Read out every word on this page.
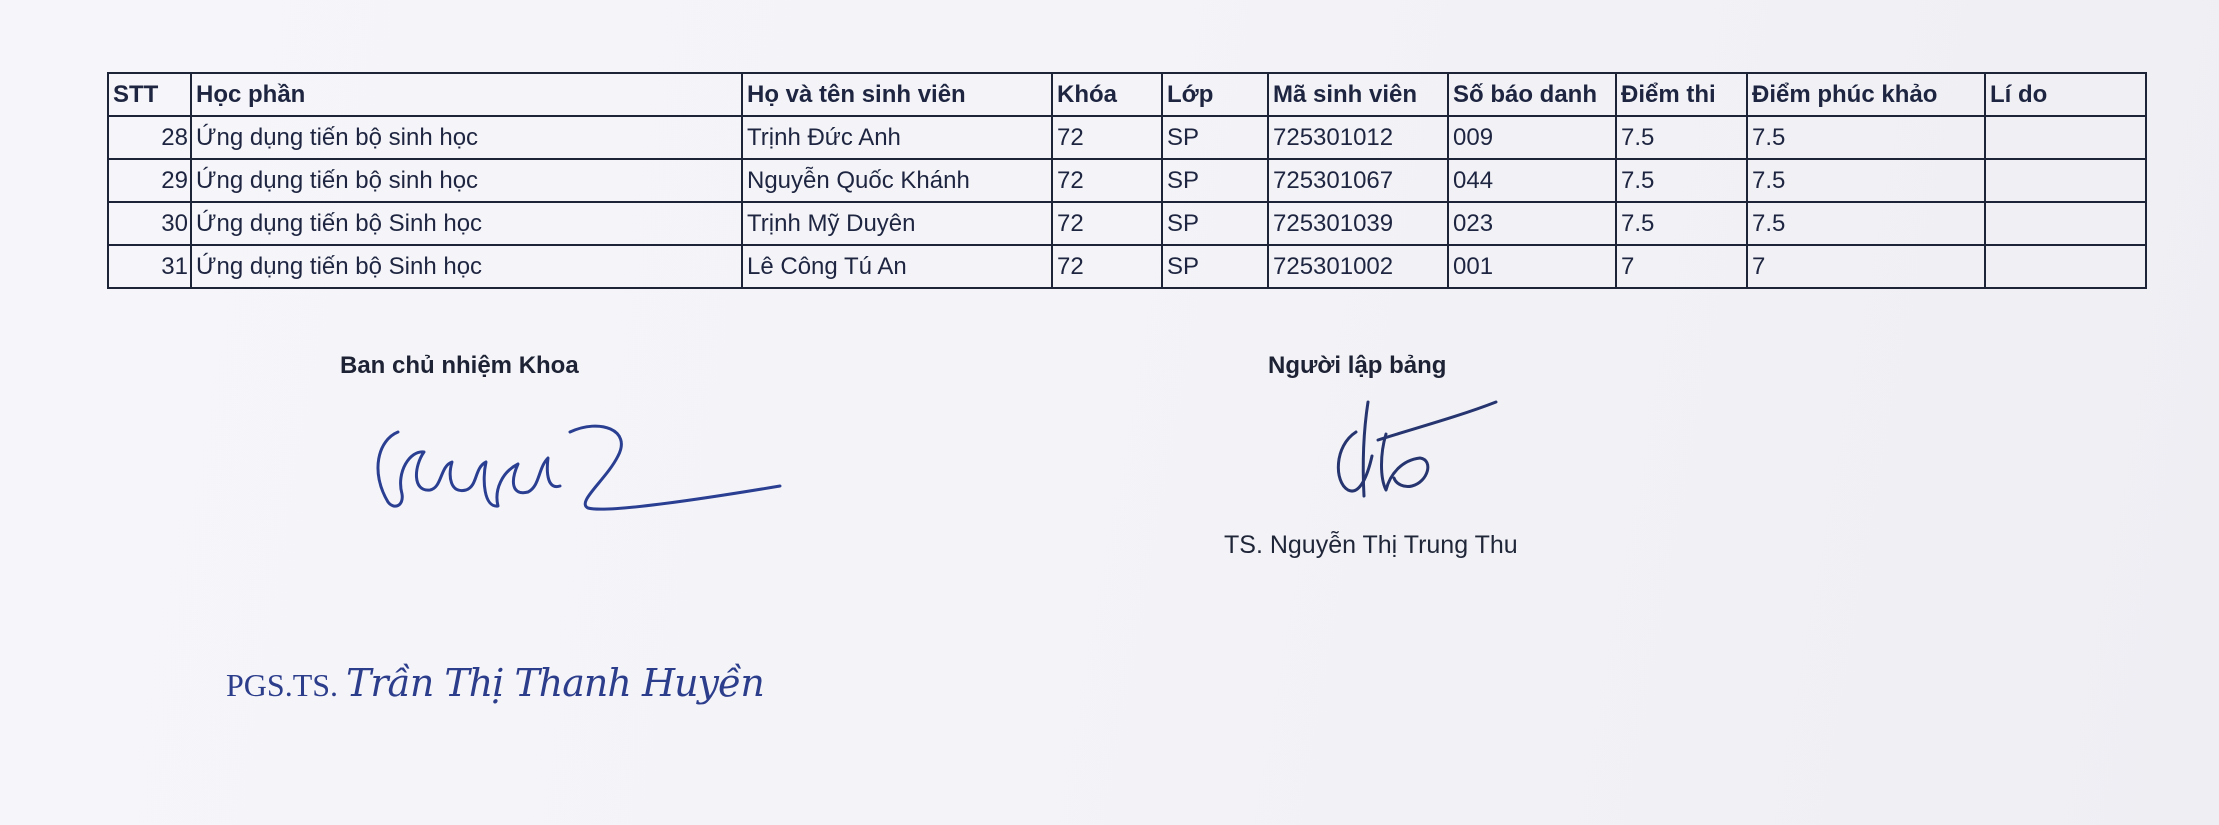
STT	Học phần	Họ và tên sinh viên	Khóa	Lớp	Mã sinh viên	Số báo danh	Điểm thi	Điểm phúc khảo	Lí do
28	Ứng dụng tiến bộ sinh học	Trịnh Đức Anh	72	SP	725301012	009	7.5	7.5	
29	Ứng dụng tiến bộ sinh học	Nguyễn Quốc Khánh	72	SP	725301067	044	7.5	7.5	
30	Ứng dụng tiến bộ Sinh học	Trịnh Mỹ Duyên	72	SP	725301039	023	7.5	7.5	
31	Ứng dụng tiến bộ Sinh học	Lê Công Tú An	72	SP	725301002	001	7	7	
Ban chủ nhiệm Khoa
PGS.TS. Trần Thị Thanh Huyền
Người lập bảng
TS. Nguyễn Thị Trung Thu
